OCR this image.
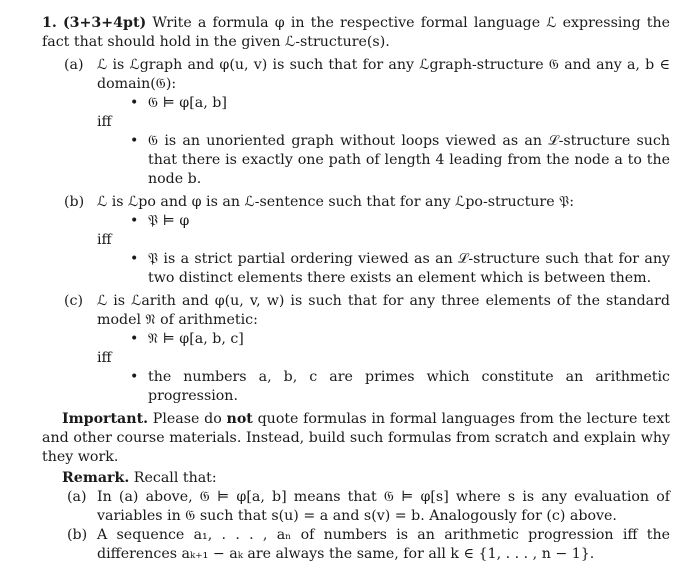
1. (3+3+4pt) Write a formula φ in the respective formal language ℒ expressing the fact that should hold in the given ℒ-structure(s).

(a) ℒ is ℒgraph and φ(u, v) is such that for any ℒgraph-structure 𝔊 and any a, b ∈ domain(𝔊):
• 𝔊 ⊨ φ[a, b]
iff
• 𝔊 is an unoriented graph without loops viewed as an ℒ-structure such that there is exactly one path of length 4 leading from the node a to the node b.
(b) ℒ is ℒpo and φ is an ℒ-sentence such that for any ℒpo-structure 𝔓:
• 𝔓 ⊨ φ
iff
• 𝔓 is a strict partial ordering viewed as an ℒ-structure such that for any two distinct elements there exists an element which is between them.
(c) ℒ is ℒarith and φ(u, v, w) is such that for any three elements of the standard model 𝔑 of arithmetic:
• 𝔑 ⊨ φ[a, b, c]
iff
• the numbers a, b, c are primes which constitute an arithmetic progression.

Important. Please do not quote formulas in formal languages from the lecture text and other course materials. Instead, build such formulas from scratch and explain why they work.

Remark. Recall that:
(a) In (a) above, 𝔊 ⊨ φ[a, b] means that 𝔊 ⊨ φ[s] where s is any evaluation of variables in 𝔊 such that s(u) = a and s(v) = b. Analogously for (c) above.
(b) A sequence a₁, . . . , aₙ of numbers is an arithmetic progression iff the differences aₖ₊₁ − aₖ are always the same, for all k ∈ {1, . . . , n − 1}.
